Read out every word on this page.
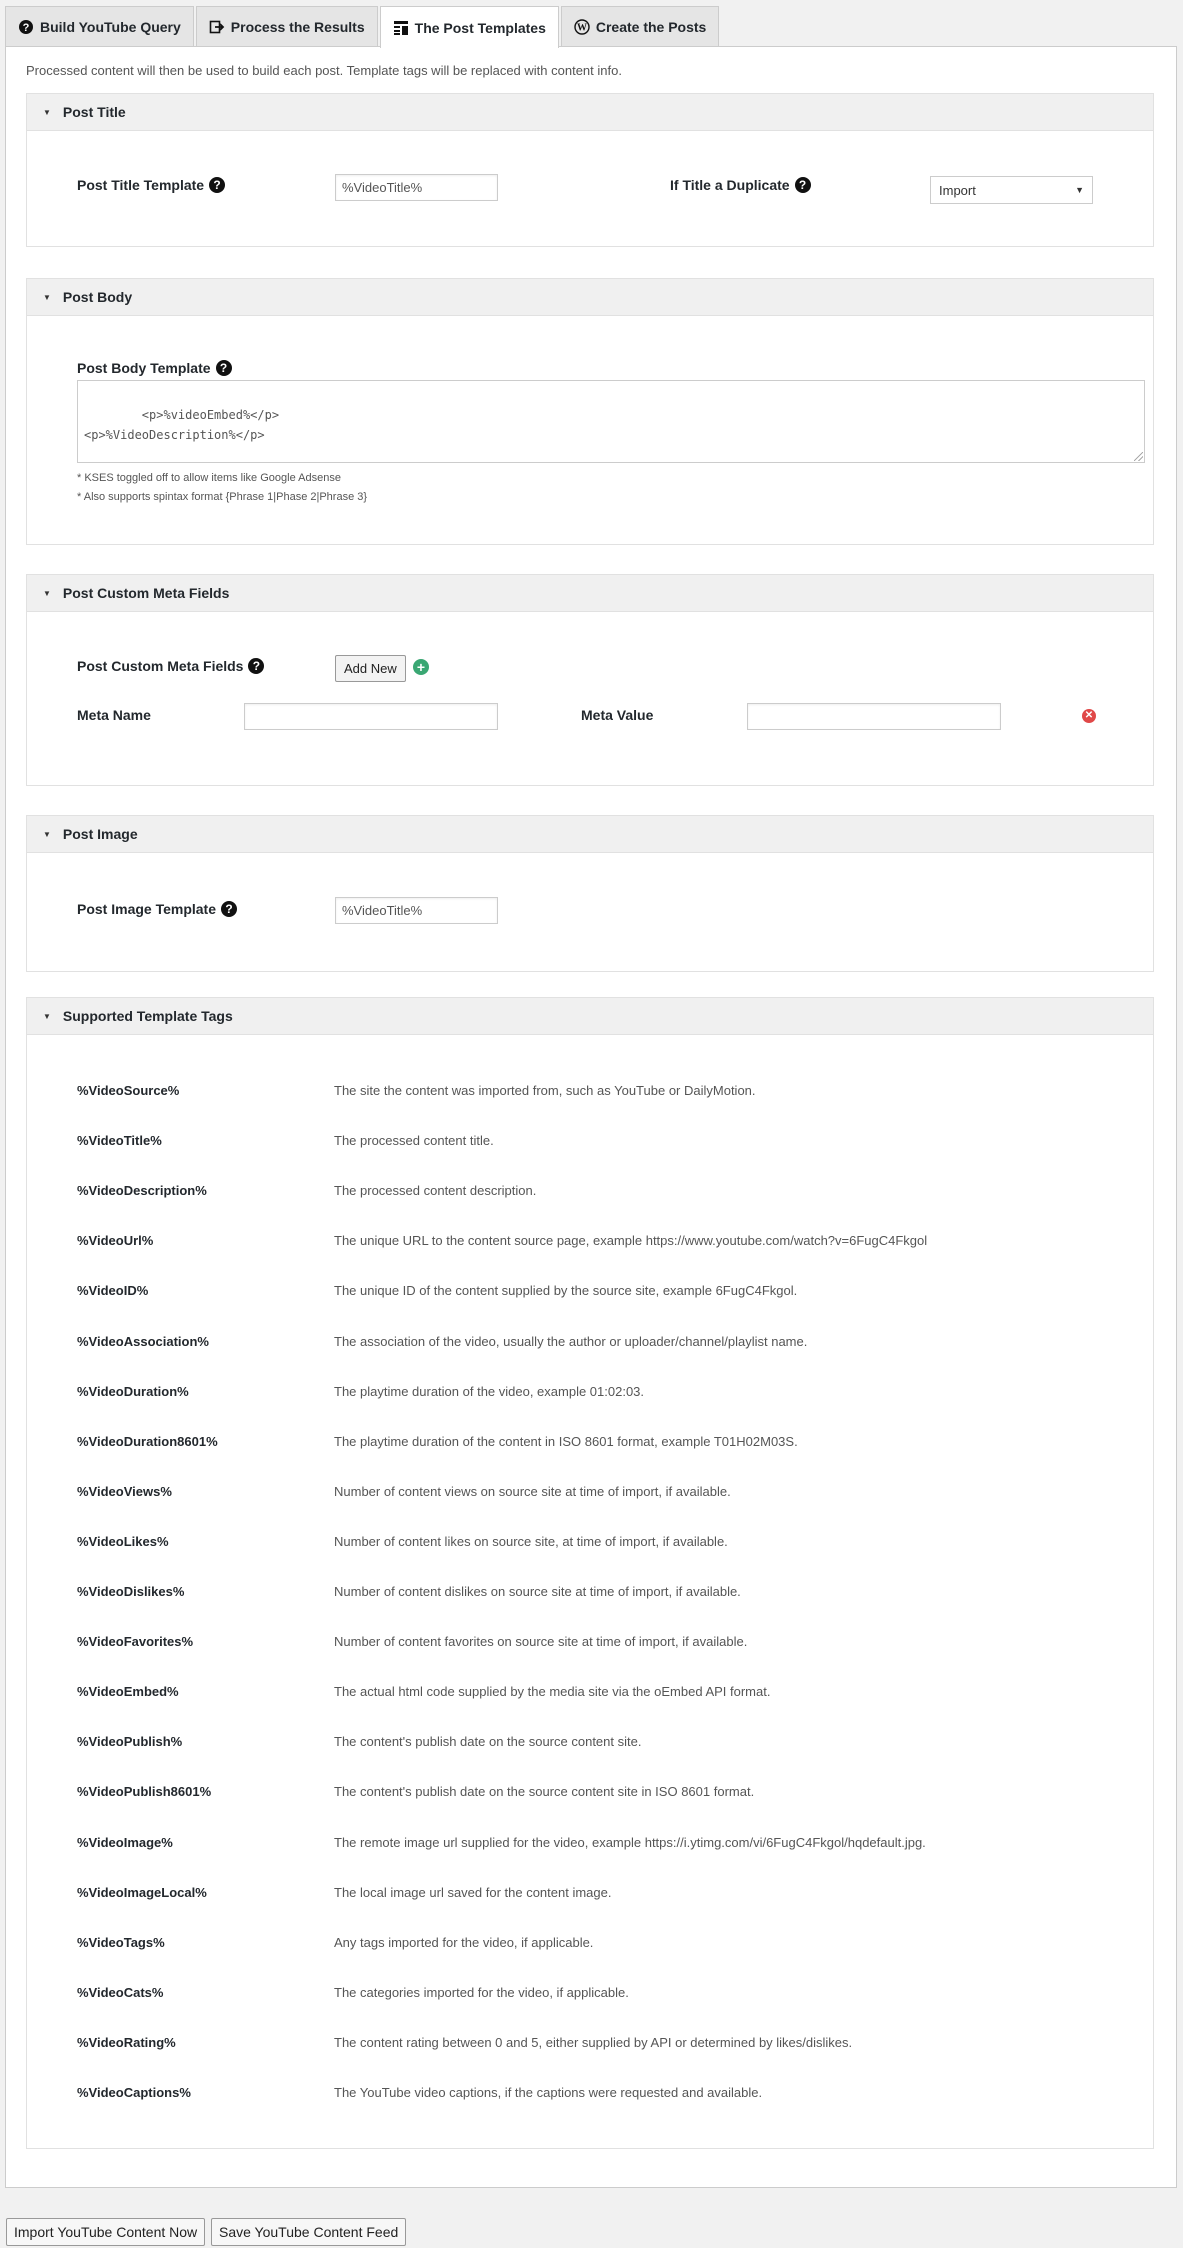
? Build YouTube Query	Process the Results	The Post Templates	W Create the Posts
Processed content will then be used to build each post. Template tags will be replaced with content info.
▼ Post Title
Post Title Template ?
%VideoTitle%	If Title a Duplicate ?	Import	▼
▼ Post Body
Post Body Template ?

<p>%videoEmbed%</p>
<p>%VideoDescription%</p>

* KSES toggled off to allow items like Google Adsense
* Also supports spintax format {Phrase 1|Phase 2|Phrase 3}
▼ Post Custom Meta Fields
Post Custom Meta Fields ?	Add New	+
Meta Name	Meta Value	✕
▼ Post Image
Post Image Template ?
%VideoTitle%
▼ Supported Template Tags
%VideoSource%	The site the content was imported from, such as YouTube or DailyMotion.
%VideoTitle%	The processed content title.
%VideoDescription%	The processed content description.
%VideoUrl%	The unique URL to the content source page, example https://www.youtube.com/watch?v=6FugC4Fkgol
%VideoID%	The unique ID of the content supplied by the source site, example 6FugC4Fkgol.
%VideoAssociation%	The association of the video, usually the author or uploader/channel/playlist name.
%VideoDuration%	The playtime duration of the video, example 01:02:03.
%VideoDuration8601%	The playtime duration of the content in ISO 8601 format, example T01H02M03S.
%VideoViews%	Number of content views on source site at time of import, if available.
%VideoLikes%	Number of content likes on source site, at time of import, if available.
%VideoDislikes%	Number of content dislikes on source site at time of import, if available.
%VideoFavorites%	Number of content favorites on source site at time of import, if available.
%VideoEmbed%	The actual html code supplied by the media site via the oEmbed API format.
%VideoPublish%	The content's publish date on the source content site.
%VideoPublish8601%	The content's publish date on the source content site in ISO 8601 format.
%VideoImage%	The remote image url supplied for the video, example https://i.ytimg.com/vi/6FugC4Fkgol/hqdefault.jpg.
%VideoImageLocal%	The local image url saved for the content image.
%VideoTags%	Any tags imported for the video, if applicable.
%VideoCats%	The categories imported for the video, if applicable.
%VideoRating%	The content rating between 0 and 5, either supplied by API or determined by likes/dislikes.
%VideoCaptions%	The YouTube video captions, if the captions were requested and available.
Import YouTube Content Now	Save YouTube Content Feed
